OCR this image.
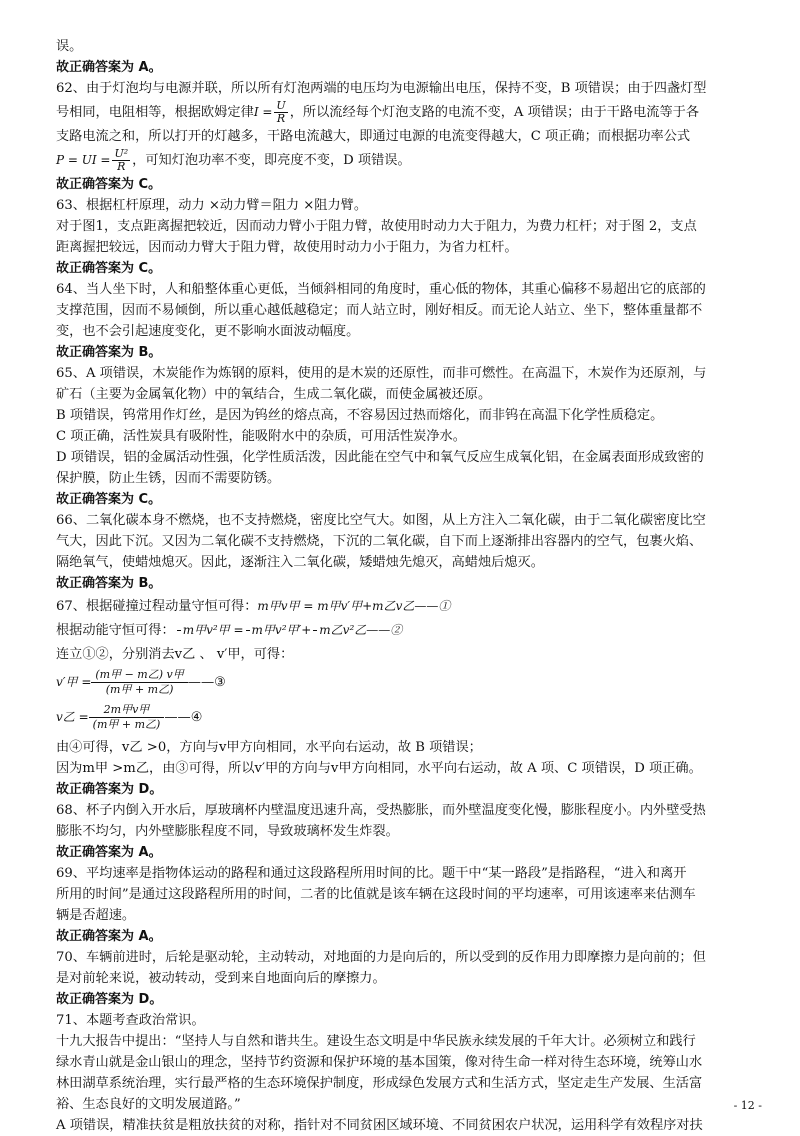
误。

故正确答案为 A。

62、由于灯泡均与电源并联，所以所有灯泡两端的电压均为电源输出电压，保持不变，B 项错误；由于四盏灯型

号相同，电阻相等，根据欧姆定律$I = \frac{U}{R}$ ，所以流经每个灯泡支路的电流不变，A 项错误；由于干路电流等于各

支路电流之和，所以打开的灯越多，干路电流越大，即通过电源的电流变得越大，C 项正确；而根据功率公式

P = UI = $\frac{\text{U²}}{R}$ ，可知灯泡功率不变，即亮度不变，D 项错误。

故正确答案为 C。

63、根据杠杆原理，动力 ×动力臂＝阻力 ×阻力臂。

对于图1，支点距离握把较近，因而动力臂小于阻力臂，故使用时动力大于阻力，为费力杠杆；对于图 2，支点

距离握把较远，因而动力臂大于阻力臂，故使用时动力小于阻力，为省力杠杆。

故正确答案为 C。

64、当人坐下时，人和船整体重心更低，当倾斜相同的角度时，重心低的物体，其重心偏移不易超出它的底部的

支撑范围，因而不易倾倒，所以重心越低越稳定；而人站立时，刚好相反。而无论人站立、坐下，整体重量都不

变，也不会引起速度变化，更不影响水面波动幅度。

故正确答案为 B。

65、A 项错误，木炭能作为炼钢的原料，使用的是木炭的还原性，而非可燃性。在高温下，木炭作为还原剂，与

矿石（主要为金属氧化物）中的氧结合，生成二氧化碳，而使金属被还原。

B 项错误，钨常用作灯丝，是因为钨丝的熔点高，不容易因过热而熔化，而非钨在高温下化学性质稳定。

C 项正确，活性炭具有吸附性，能吸附水中的杂质，可用活性炭净水。

D 项错误，铝的金属活动性强，化学性质活泼，因此能在空气中和氧气反应生成氧化铝，在金属表面形成致密的

保护膜，防止生锈，因而不需要防锈。

故正确答案为 C。

66、二氧化碳本身不燃烧，也不支持燃烧，密度比空气大。如图，从上方注入二氧化碳，由于二氧化碳密度比空

气大，因此下沉。又因为二氧化碳不支持燃烧，下沉的二氧化碳，自下而上逐渐排出容器内的空气，包裹火焰、

隔绝氧气，使蜡烛熄灭。因此，逐渐注入二氧化碳，矮蜡烛先熄灭，高蜡烛后熄灭。

故正确答案为 B。

67、根据碰撞过程动量守恒可得：m甲v甲 = m甲v′甲+m乙v乙——①

根据动能守恒可得： m甲v²甲 = m甲v²甲′+ m乙v²乙——②

连立①②，分别消去v乙 、 v′甲，可得：

v′甲 =
(m甲 − m乙) v甲
(m甲 + m乙)	——③

v乙 =
2m甲v甲
(m甲 + m乙) ——④

由④可得，v乙 >0，方向与v甲方向相同，水平向右运动，故 B 项错误；

因为m甲 >m乙，由③可得，所以v′甲的方向与v甲方向相同，水平向右运动，故 A 项、C 项错误，D 项正确。

故正确答案为 D。

68、杯子内倒入开水后，厚玻璃杯内壁温度迅速升高，受热膨胀，而外壁温度变化慢，膨胀程度小。内外壁受热

膨胀不均匀，内外壁膨胀程度不同，导致玻璃杯发生炸裂。

故正确答案为 A。

69、平均速率是指物体运动的路程和通过这段路程所用时间的比。题干中“某一路段”是指路程，“进入和离开

所用的时间”是通过这段路程所用的时间，二者的比值就是该车辆在这段时间的平均速率，可用该速率来估测车

辆是否超速。

故正确答案为 A。

70、车辆前进时，后轮是驱动轮，主动转动，对地面的力是向后的，所以受到的反作用力即摩擦力是向前的；但

是对前轮来说，被动转动，受到来自地面向后的摩擦力。

故正确答案为 D。

71、本题考查政治常识。

十九大报告中提出：“坚持人与自然和谐共生。建设生态文明是中华民族永续发展的千年大计。必须树立和践行

绿水青山就是金山银山的理念，坚持节约资源和保护环境的基本国策，像对待生命一样对待生态环境，统筹山水

林田湖草系统治理，实行最严格的生态环境保护制度，形成绿色发展方式和生活方式，坚定走生产发展、生活富

裕、生态良好的文明发展道路。”

A 项错误，精准扶贫是粗放扶贫的对称，指针对不同贫困区域环境、不同贫困农户状况，运用科学有效程序对扶

- 12 -
